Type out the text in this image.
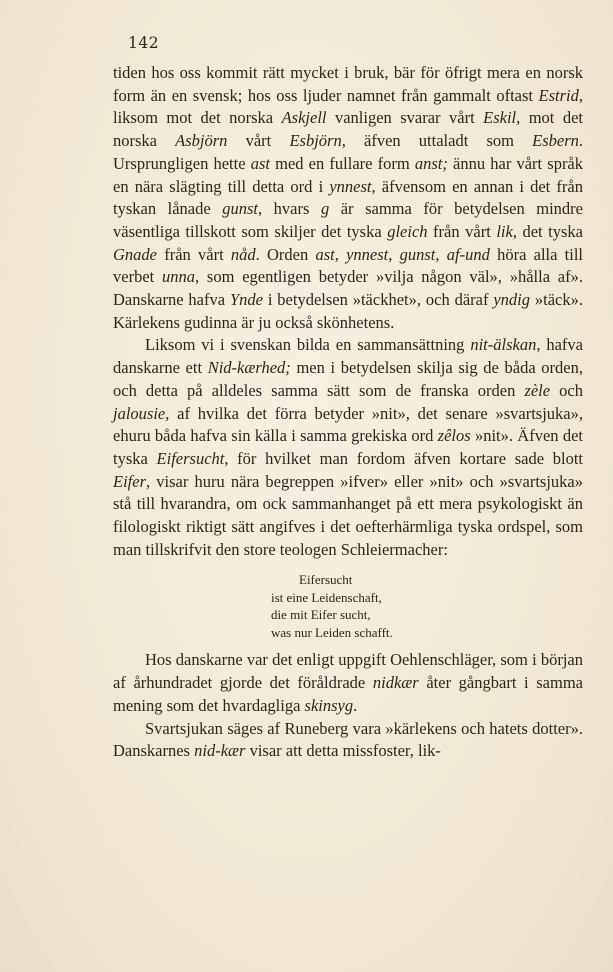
142

tiden hos oss kommit rätt mycket i bruk, bär för öfrigt mera en norsk form än en svensk; hos oss ljuder namnet från gammalt oftast Estrid, liksom mot det norska Askjell vanligen svarar vårt Eskil, mot det norska Asbjörn vårt Esbjörn, äfven uttaladt som Esbern. Ursprungligen hette ast med en fullare form anst; ännu har vårt språk en nära slägting till detta ord i ynnest, äfvensom en annan i det från tyskan lånade gunst, hvars g är samma för betydelsen mindre väsentliga tillskott som skiljer det tyska gleich från vårt lik, det tyska Gnade från vårt nåd. Orden ast, ynnest, gunst, af-und höra alla till verbet unna, som egentligen betyder »vilja någon väl», »hålla af». Danskarne hafva Ynde i betydelsen »täckhet», och däraf yndig »täck». Kärlekens gudinna är ju också skönhetens.

Liksom vi i svenskan bilda en sammansättning nit-älskan, hafva danskarne ett Nid-kærhed; men i betydelsen skilja sig de båda orden, och detta på alldeles samma sätt som de franska orden zèle och jalousie, af hvilka det förra betyder »nit», det senare »svartsjuka», ehuru båda hafva sin källa i samma grekiska ord zêlos »nit». Äfven det tyska Eifersucht, för hvilket man fordom äfven kortare sade blott Eifer, visar huru nära begreppen »ifver» eller »nit» och »svartsjuka» stå till hvarandra, om ock sammanhanget på ett mera psykologiskt än filologiskt riktigt sätt angifves i det oefterhärmliga tyska ordspel, som man tillskrifvit den store teologen Schleiermacher:

Eifersucht
ist eine Leidenschaft,
die mit Eifer sucht,
was nur Leiden schafft.

Hos danskarne var det enligt uppgift Oehlenschläger, som i början af århundradet gjorde det föråldrade nidkær åter gångbart i samma mening som det hvardagliga skinsyg.

Svartsjukan säges af Runeberg vara »kärlekens och hatets dotter». Danskarnes nid-kær visar att detta missfoster, lik-
